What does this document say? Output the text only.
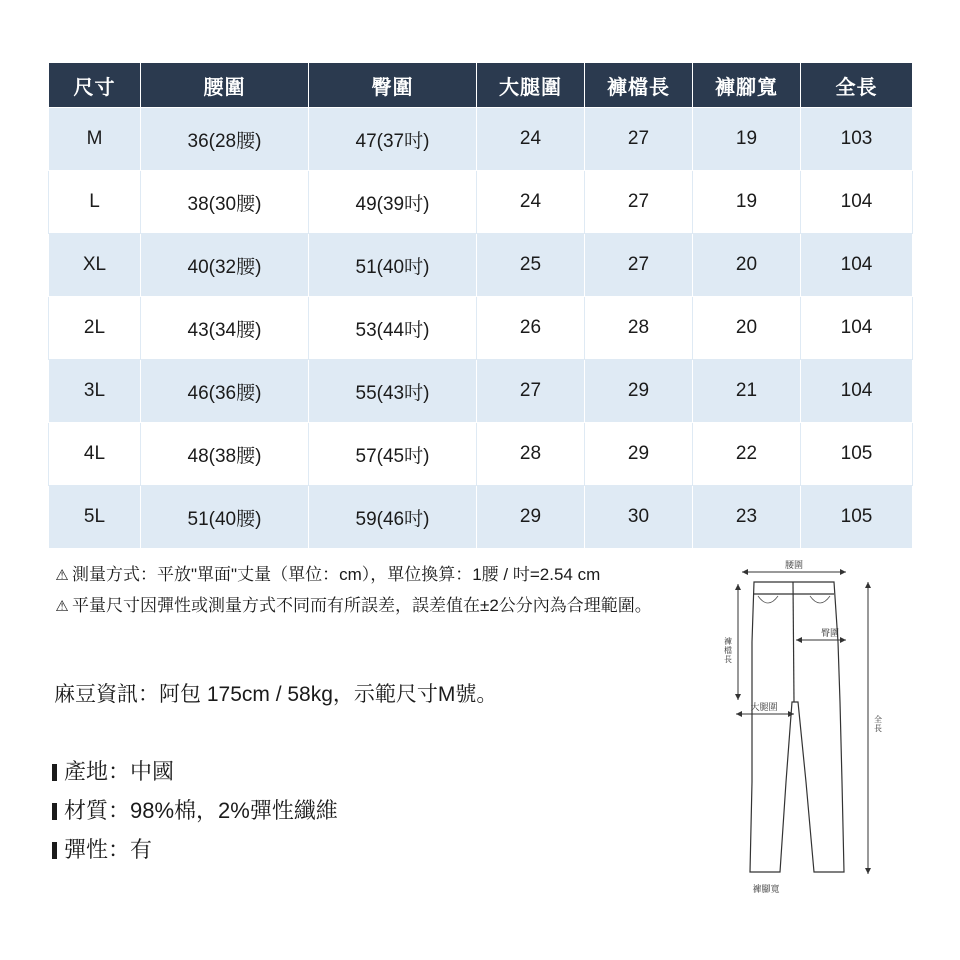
尺寸	腰圍	臀圍	大腿圍	褲檔長	褲腳寬	全長
M	36(28腰)	47(37吋)	24	27	19	103
L	38(30腰)	49(39吋)	24	27	19	104
XL	40(32腰)	51(40吋)	25	27	20	104
2L	43(34腰)	53(44吋)	26	28	20	104
3L	46(36腰)	55(43吋)	27	29	21	104
4L	48(38腰)	57(45吋)	28	29	22	105
5L	51(40腰)	59(46吋)	29	30	23	105
⚠ 測量方式：平放"單面"丈量（單位：cm），單位換算：1腰 / 吋=2.54 cm
⚠ 平量尺寸因彈性或測量方式不同而有所誤差，誤差值在±2公分內為合理範圍。
麻豆資訊：阿包 175cm / 58kg，示範尺寸M號。
產地：中國
材質：98%棉，2%彈性纖維
彈性：有
腰圍
臀圍
褲檔長
大腿圍
全長
褲腳寬
